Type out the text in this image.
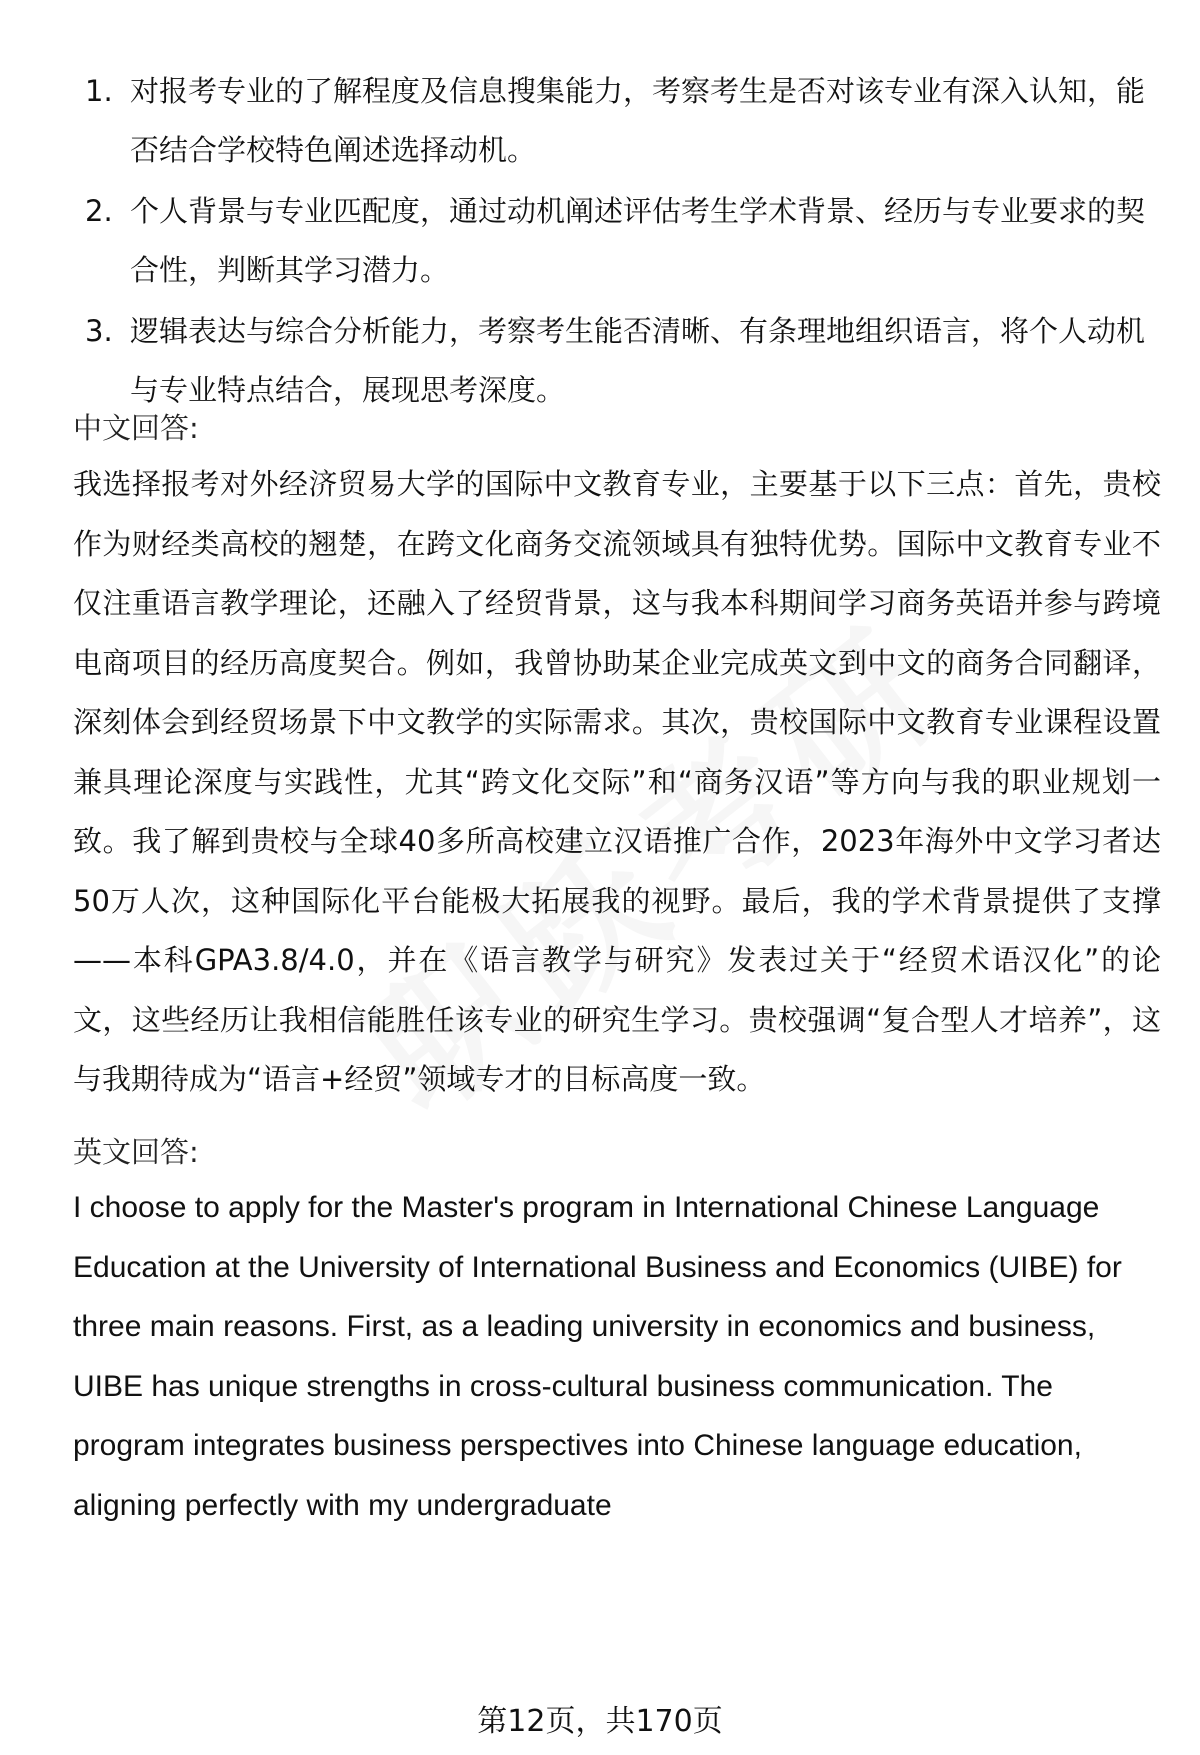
1. 对报考专业的了解程度及信息搜集能力，考察考生是否对该专业有深入认知，能否结合学校特色阐述选择动机。
2. 个人背景与专业匹配度，通过动机阐述评估考生学术背景、经历与专业要求的契合性，判断其学习潜力。
3. 逻辑表达与综合分析能力，考察考生能否清晰、有条理地组织语言，将个人动机与专业特点结合，展现思考深度。
中文回答:
我选择报考对外经济贸易大学的国际中文教育专业，主要基于以下三点：首先，贵校作为财经类高校的翘楚，在跨文化商务交流领域具有独特优势。国际中文教育专业不仅注重语言教学理论，还融入了经贸背景，这与我本科期间学习商务英语并参与跨境电商项目的经历高度契合。例如，我曾协助某企业完成英文到中文的商务合同翻译，深刻体会到经贸场景下中文教学的实际需求。其次，贵校国际中文教育专业课程设置兼具理论深度与实践性，尤其“跨文化交际”和“商务汉语”等方向与我的职业规划一致。我了解到贵校与全球40多所高校建立汉语推广合作，2023年海外中文学习者达50万人次，这种国际化平台能极大拓展我的视野。最后，我的学术背景提供了支撑——本科GPA3.8/4.0，并在《语言教学与研究》发表过关于“经贸术语汉化”的论文，这些经历让我相信能胜任该专业的研究生学习。贵校强调“复合型人才培养”，这与我期待成为“语言+经贸”领域专才的目标高度一致。
英文回答:
I choose to apply for the Master's program in International Chinese Language Education at the University of International Business and Economics (UIBE) for three main reasons. First, as a leading university in economics and business, UIBE has unique strengths in cross-cultural business communication. The program integrates business perspectives into Chinese language education, aligning perfectly with my undergraduate
第12页，共170页
